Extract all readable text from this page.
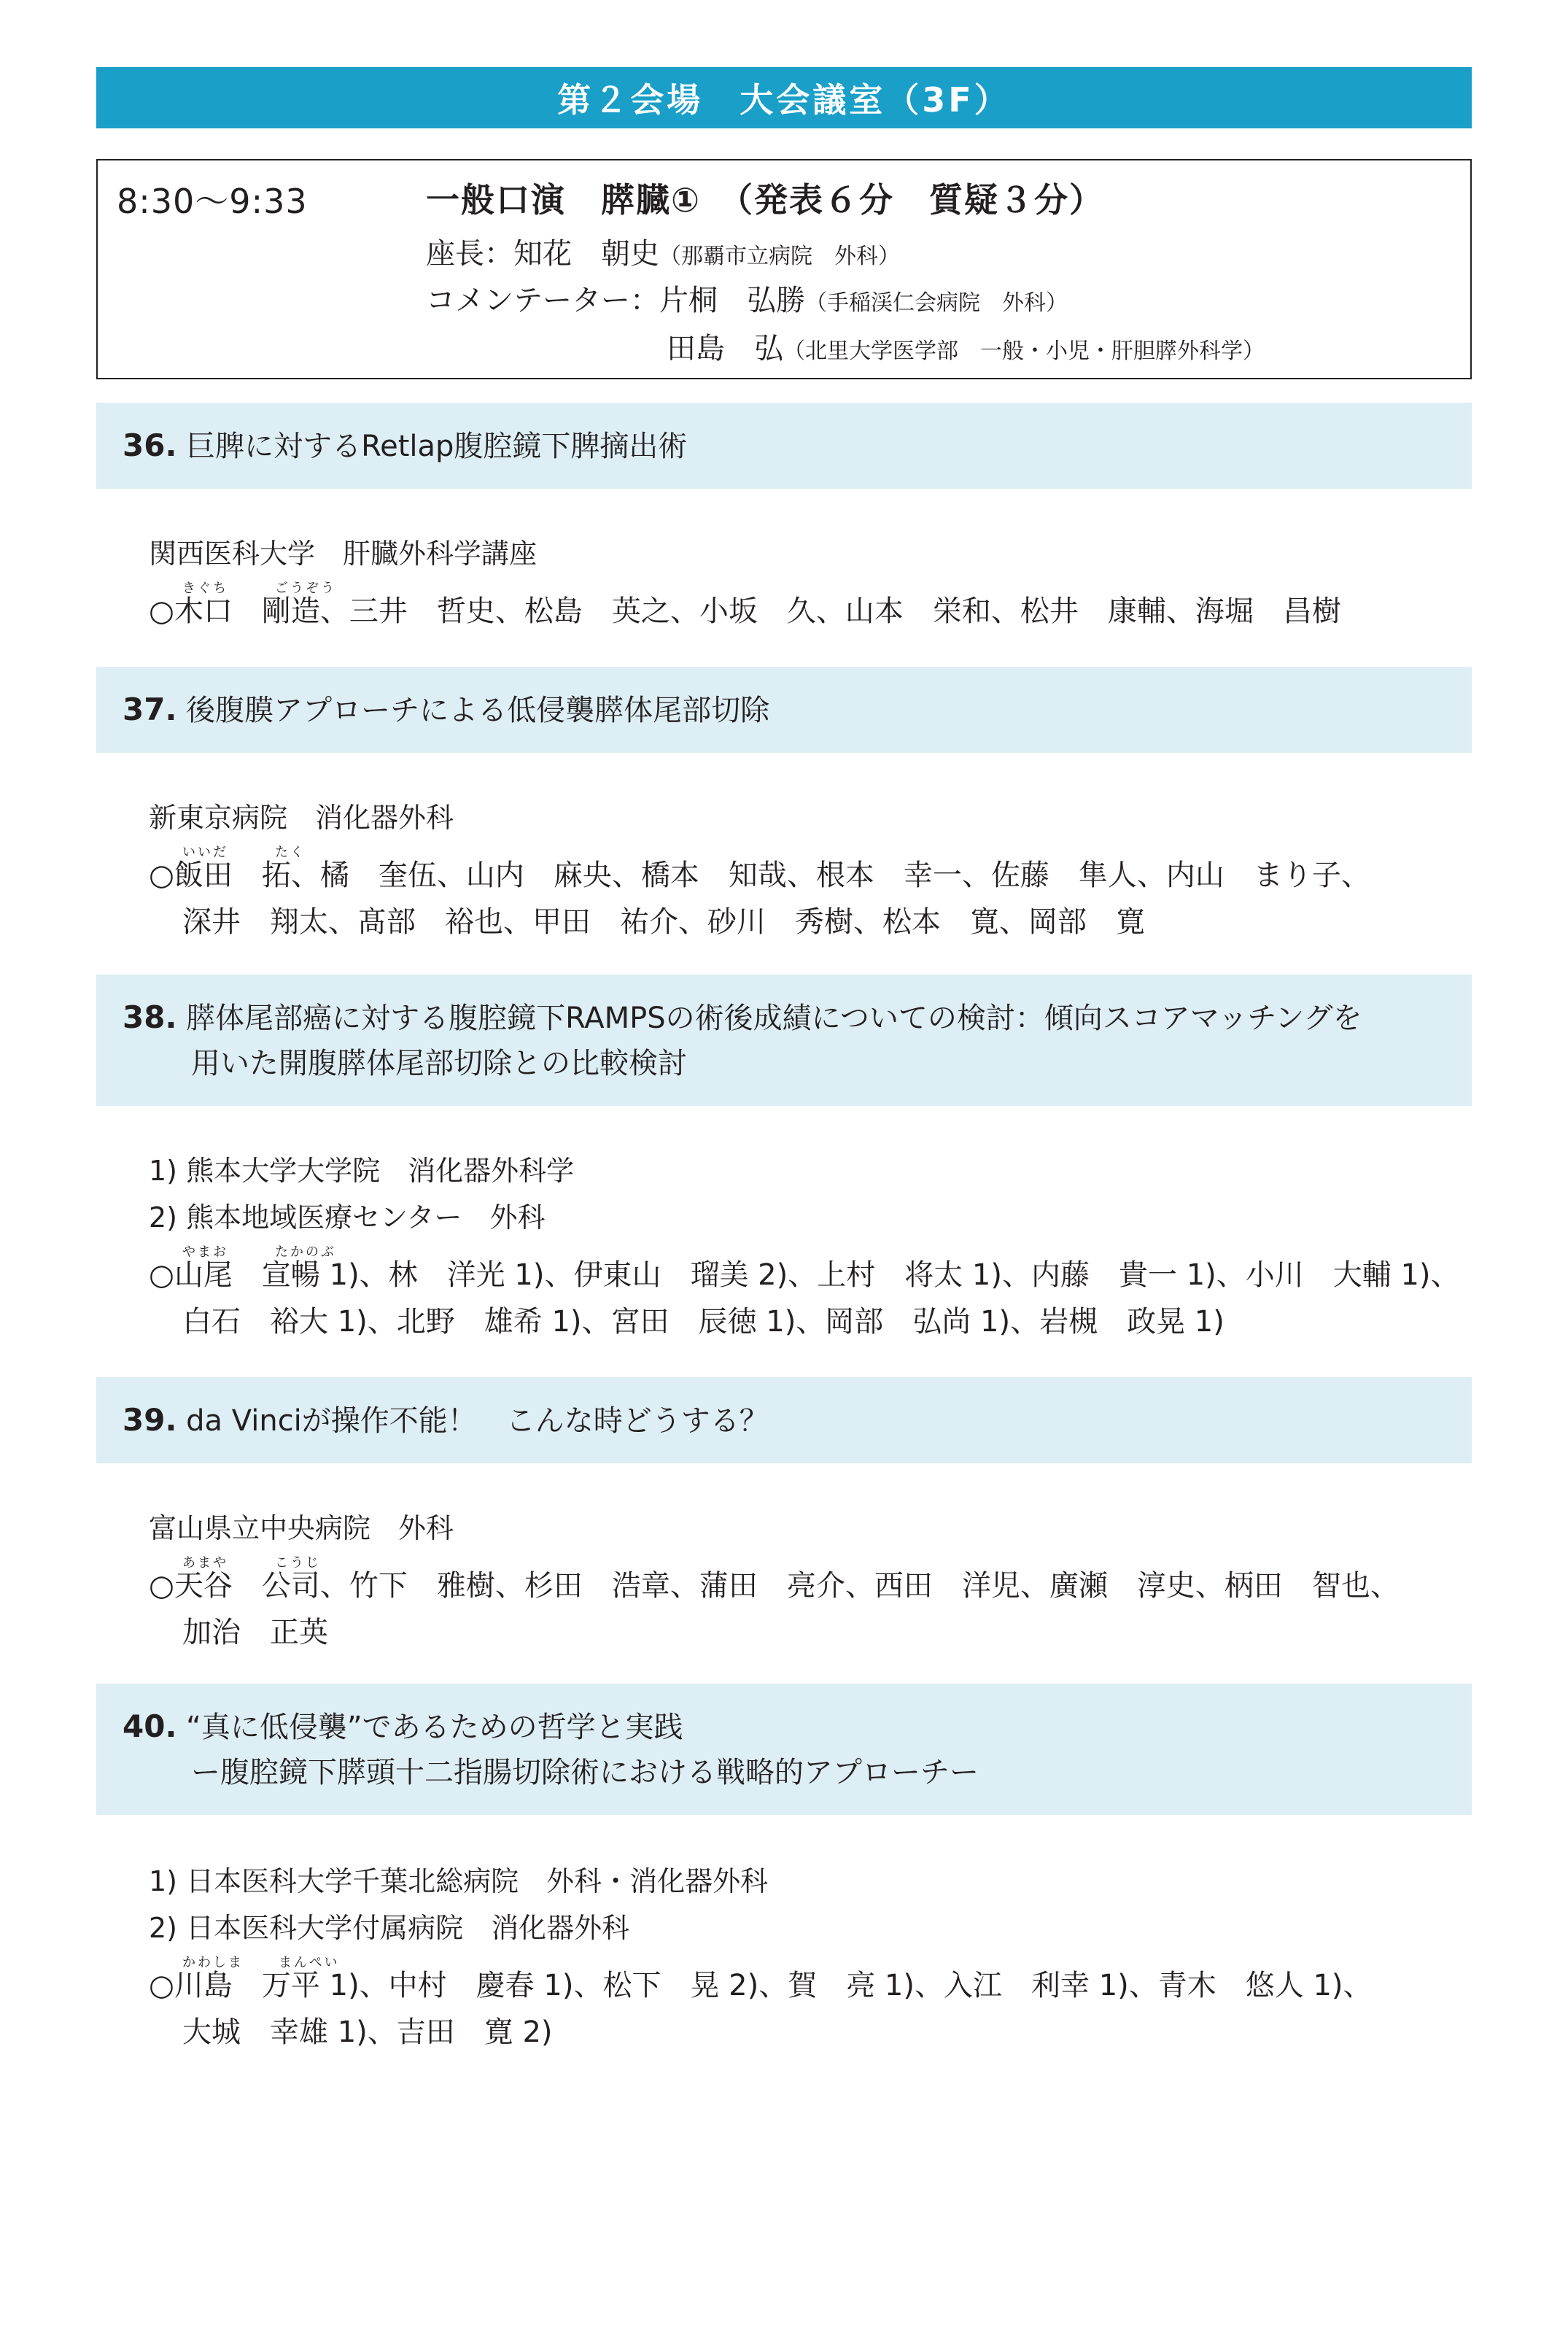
第２会場　大会議室（3F）
8:30〜9:33	一般口演　膵臓①　（発表６分　質疑３分）
座長：知花　朝史（那覇市立病院　外科）
コメンテーター：片桐　弘勝（手稲渓仁会病院　外科）
田島　弘（北里大学医学部　一般・小児・肝胆膵外科学）
36. 巨脾に対するRetlap腹腔鏡下脾摘出術
関西医科大学　肝臓外科学講座
きぐち	ごうぞう
○木口　剛造、三井　哲史、松島　英之、小坂　久、山本　栄和、松井　康輔、海堀　昌樹
37. 後腹膜アプローチによる低侵襲膵体尾部切除
新東京病院　消化器外科
いいだ	たく
○飯田　拓、橘　奎伍、山内　麻央、橋本　知哉、根本　幸一、佐藤　隼人、内山　まり子、
深井　翔太、髙部　裕也、甲田　祐介、砂川　秀樹、松本　寛、岡部　寛
38. 膵体尾部癌に対する腹腔鏡下RAMPSの術後成績についての検討：傾向スコアマッチングを
用いた開腹膵体尾部切除との比較検討
1) 熊本大学大学院　消化器外科学
2) 熊本地域医療センター　外科
やまお	たかのぶ
○山尾　宣暢 1)、林　洋光 1)、伊東山　瑠美 2)、上村　将太 1)、内藤　貴一 1)、小川　大輔 1)、
白石　裕大 1)、北野　雄希 1)、宮田　辰徳 1)、岡部　弘尚 1)、岩槻　政晃 1)
39. da Vinciが操作不能！　こんな時どうする？
富山県立中央病院　外科
あまや	こうじ
○天谷　公司、竹下　雅樹、杉田　浩章、蒲田　亮介、西田　洋児、廣瀬　淳史、柄田　智也、
加治　正英
40. “真に低侵襲”であるための哲学と実践
ー腹腔鏡下膵頭十二指腸切除術における戦略的アプローチー
1) 日本医科大学千葉北総病院　外科・消化器外科
2) 日本医科大学付属病院　消化器外科
かわしま	まんぺい
○川島　万平 1)、中村　慶春 1)、松下　晃 2)、賀　亮 1)、入江　利幸 1)、青木　悠人 1)、
大城　幸雄 1)、吉田　寛 2)
